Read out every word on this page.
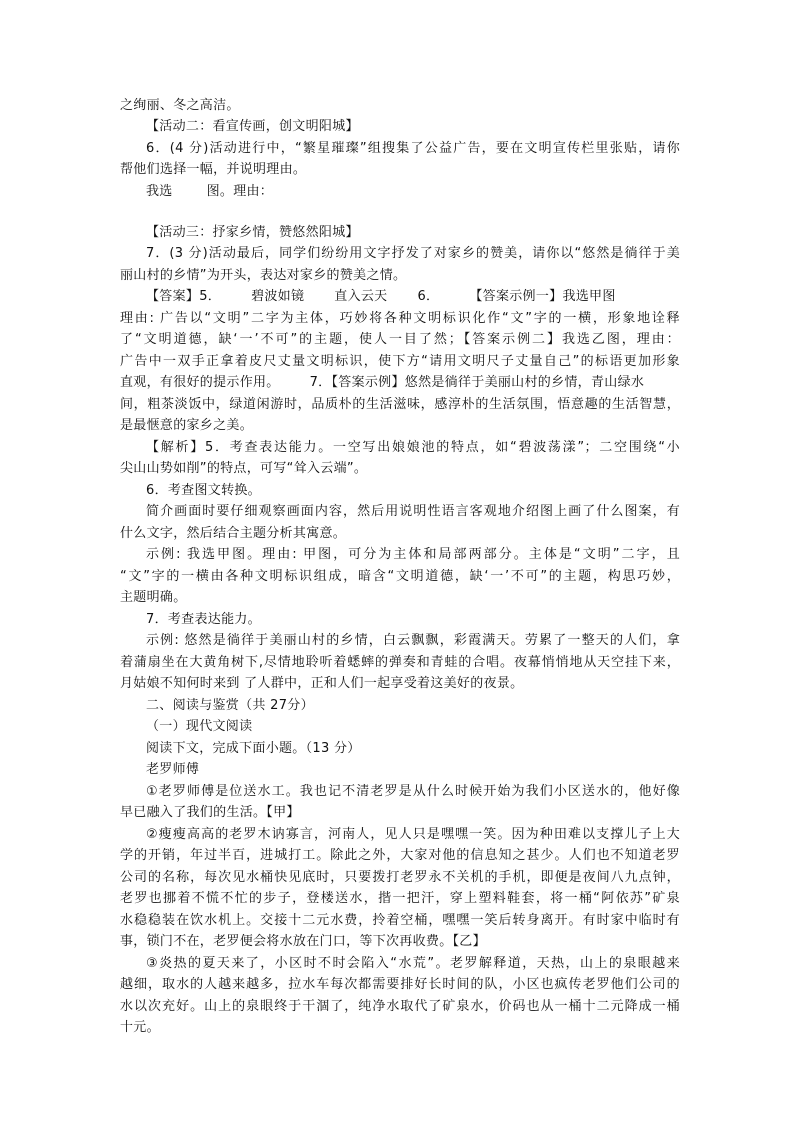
之绚丽、冬之高洁。
【活动二：看宣传画，创文明阳城】
6．(4 分)活动进行中，“繁星璀璨”组搜集了公益广告，要在文明宣传栏里张贴，请你
帮他们选择一幅，并说明理由。
我选	图。理由：
【活动三：抒家乡情，赞悠然阳城】
7．(3 分)活动最后，同学们纷纷用文字抒发了对家乡的赞美，请你以“悠然是徜徉于美
丽山村的乡情”为开头，表达对家乡的赞美之情。
【答案】5． 碧波如镜 直入云天 6． 【答案示例一】我选甲图
理由: 广告以“文明”二字为主体，巧妙将各种文明标识化作“文”字的一横，形象地诠释
了“文明道德，缺‘一’不可”的主题，使人一目了然；【答案示例二】我选乙图，理由：
广告中一双手正拿着皮尺丈量文明标识，使下方“请用文明尺子丈量自己”的标语更加形象
直观，有很好的提示作用。 7．【答案示例】悠然是徜徉于美丽山村的乡情，青山绿水
间，粗茶淡饭中，绿道闲游时，品质朴的生活滋味，感淳朴的生活氛围，悟意趣的生活智慧，
是最惬意的家乡之美。
【解析】5．考查表达能力。一空写出娘娘池的特点，如“碧波荡漾”；二空围绕“小
尖山山势如削”的特点，可写“耸入云端”。
6．考查图文转换。
简介画面时要仔细观察画面内容，然后用说明性语言客观地介绍图上画了什么图案，有
什么文字，然后结合主题分析其寓意。
示例: 我选甲图。理由: 甲图，可分为主体和局部两部分。主体是“文明”二字，且
“文”字的一横由各种文明标识组成，暗含“文明道德，缺‘一’不可”的主题，构思巧妙，
主题明确。
7．考查表达能力。
示例: 悠然是徜徉于美丽山村的乡情，白云飘飘，彩霞满天。劳累了一整天的人们，拿
着蒲扇坐在大黄角树下,尽情地聆听着蟋蟀的弹奏和青蛙的合唱。夜幕悄悄地从天空挂下来，
月姑娘不知何时来到 了人群中，正和人们一起享受着这美好的夜景。
二、阅读与鉴赏（共 27分）
（一）现代文阅读
阅读下文，完成下面小题。（13 分）
老罗师傅
①老罗师傅是位送水工。我也记不清老罗是从什么时候开始为我们小区送水的，他好像
早已融入了我们的生活。【甲】
②瘦瘦高高的老罗木讷寡言，河南人，见人只是嘿嘿一笑。因为种田难以支撑儿子上大
学的开销，年过半百，进城打工。除此之外，大家对他的信息知之甚少。人们也不知道老罗
公司的名称，每次见水桶快见底时，只要拨打老罗永不关机的手机，即便是夜间八九点钟，
老罗也挪着不慌不忙的步子，登楼送水，揩一把汗，穿上塑料鞋套，将一桶“阿依苏”矿泉
水稳稳装在饮水机上。交接十二元水费，拎着空桶，嘿嘿一笑后转身离开。有时家中临时有
事，锁门不在，老罗便会将水放在门口，等下次再收费。【乙】
③炎热的夏天来了，小区时不时会陷入“水荒”。老罗解释道，天热，山上的泉眼越来
越细，取水的人越来越多，拉水车每次都需要排好长时间的队，小区也疯传老罗他们公司的
水以次充好。山上的泉眼终于干涸了，纯净水取代了矿泉水，价码也从一桶十二元降成一桶
十元。
